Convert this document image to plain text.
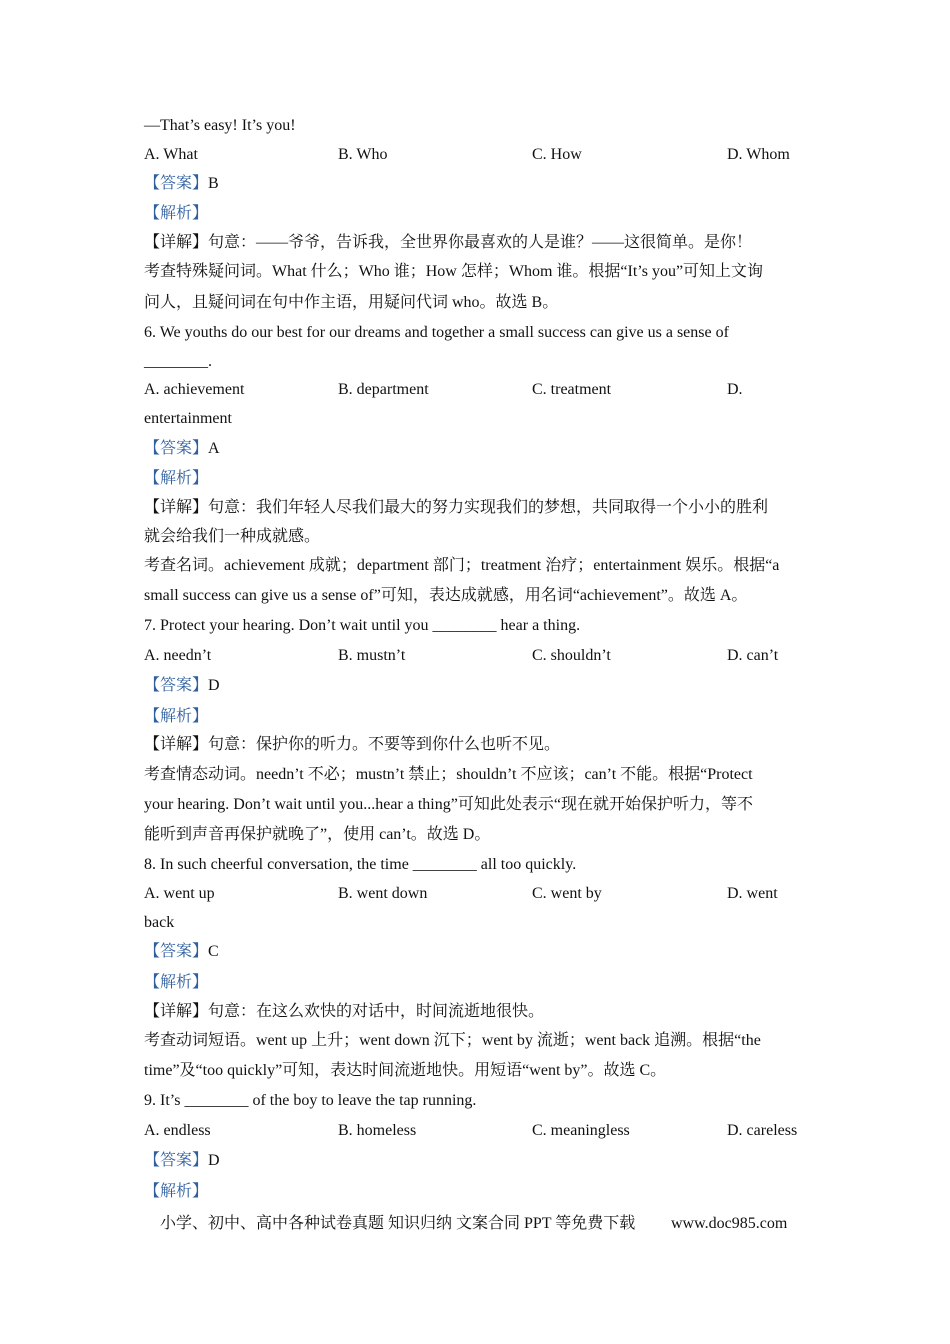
—That’s easy! It’s you!
A. What	B. Who	C. How	D. Whom
【答案】B
【解析】
【详解】句意：——爷爷，告诉我，全世界你最喜欢的人是谁？——这很简单。是你！
考查特殊疑问词。What 什么；Who 谁；How 怎样；Whom 谁。根据“It’s you”可知上文询
问人，且疑问词在句中作主语，用疑问代词 who。故选 B。
6. We youths do our best for our dreams and together a small success can give us a sense of
________.
A. achievement	B. department	C. treatment	D.
entertainment
【答案】A
【解析】
【详解】句意：我们年轻人尽我们最大的努力实现我们的梦想，共同取得一个小小的胜利
就会给我们一种成就感。
考查名词。achievement 成就；department 部门；treatment 治疗；entertainment 娱乐。根据“a
small success can give us a sense of”可知，表达成就感，用名词“achievement”。故选 A。
7. Protect your hearing. Don’t wait until you ________ hear a thing.
A. needn’t	B. mustn’t	C. shouldn’t	D. can’t
【答案】D
【解析】
【详解】句意：保护你的听力。不要等到你什么也听不见。
考查情态动词。needn’t 不必；mustn’t 禁止；shouldn’t 不应该；can’t 不能。根据“Protect
your hearing. Don’t wait until you...hear a thing”可知此处表示“现在就开始保护听力，等不
能听到声音再保护就晚了”，使用 can’t。故选 D。
8. In such cheerful conversation, the time ________ all too quickly.
A. went up	B. went down	C. went by	D. went
back
【答案】C
【解析】
【详解】句意：在这么欢快的对话中，时间流逝地很快。
考查动词短语。went up 上升；went down 沉下；went by 流逝；went back 追溯。根据“the
time”及“too quickly”可知，表达时间流逝地快。用短语“went by”。故选 C。
9. It’s ________ of the boy to leave the tap running.
A. endless	B. homeless	C. meaningless	D. careless
【答案】D
【解析】
小学、初中、高中各种试卷真题 知识归纳 文案合同 PPT 等免费下载 www.doc985.com
